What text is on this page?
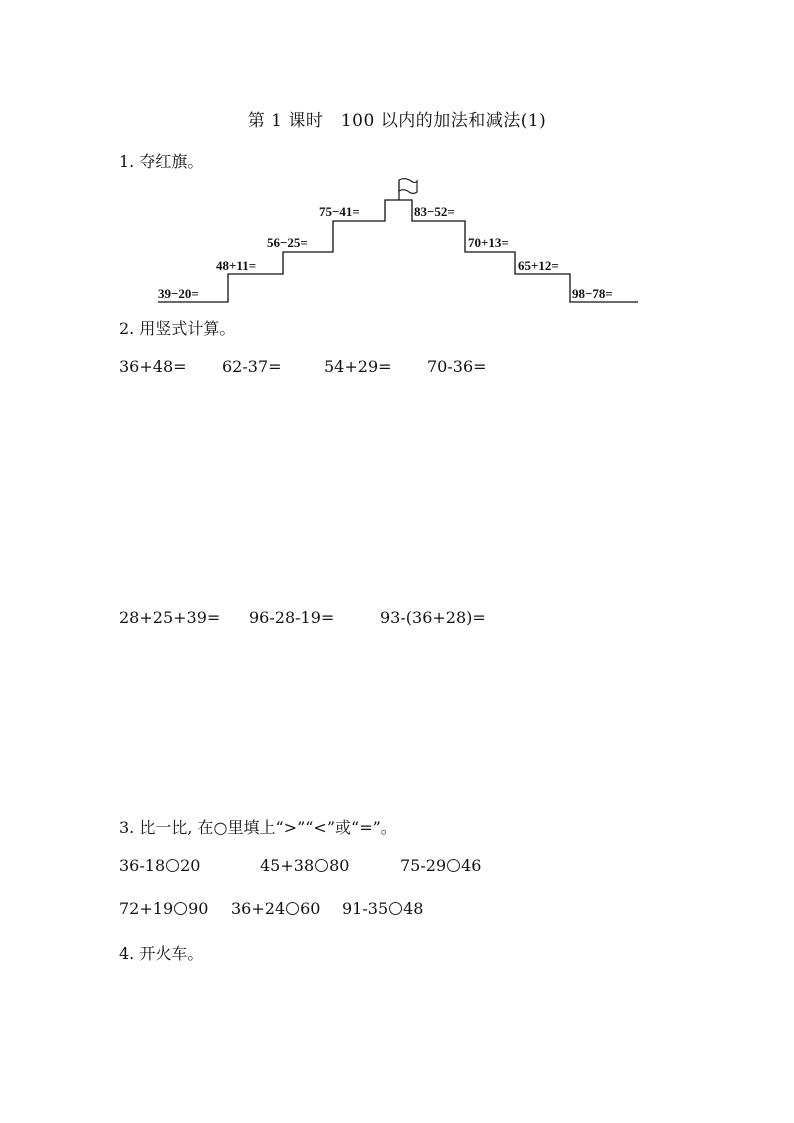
第 1 课时　100 以内的加法和减法(1)
1. 夺红旗。
39−20=
48+11=
56−25=
75−41=	83−52=
70+13=
65+12=
98−78=
2. 用竖式计算。
36+48= 62-37=	54+29= 70-36=
28+25+39= 96-28-19=	93-(36+28)=
3. 比一比, 在○里填上“>”“<”或“=”。
36-18 20	45+38 80	75-29 46
72+19 90 36+24 60 91-35 48
4. 开火车。
